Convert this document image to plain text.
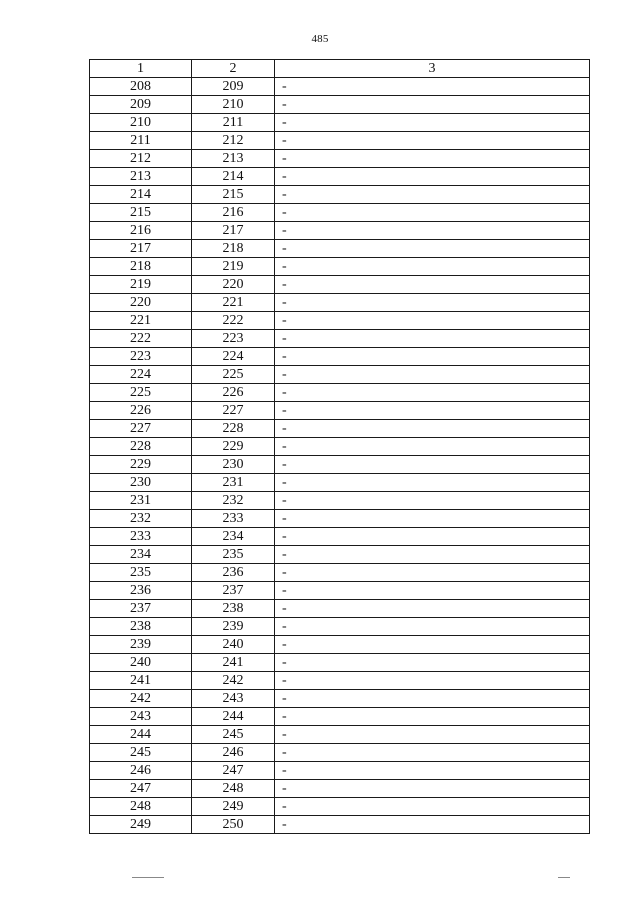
485
1	2	3
208	209	-
209	210	-
210	211	-
211	212	-
212	213	-
213	214	-
214	215	-
215	216	-
216	217	-
217	218	-
218	219	-
219	220	-
220	221	-
221	222	-
222	223	-
223	224	-
224	225	-
225	226	-
226	227	-
227	228	-
228	229	-
229	230	-
230	231	-
231	232	-
232	233	-
233	234	-
234	235	-
235	236	-
236	237	-
237	238	-
238	239	-
239	240	-
240	241	-
241	242	-
242	243	-
243	244	-
244	245	-
245	246	-
246	247	-
247	248	-
248	249	-
249	250	-
